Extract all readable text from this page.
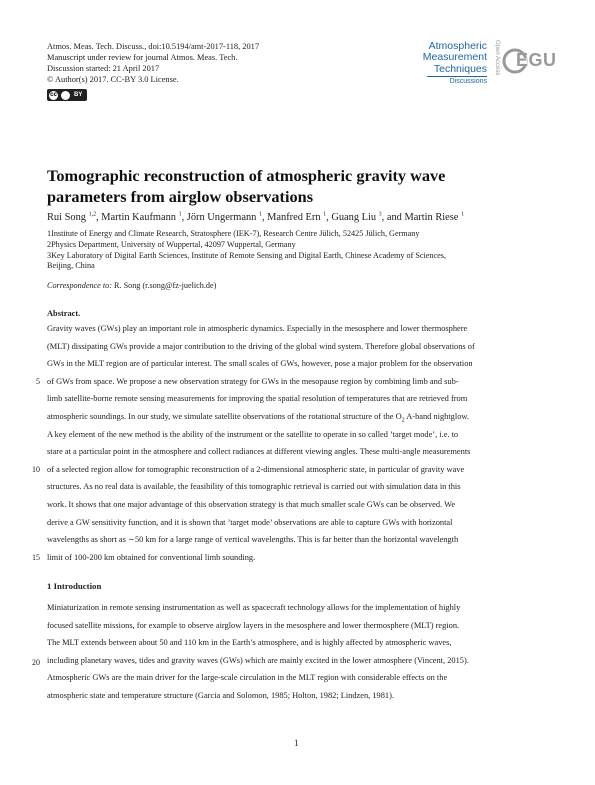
Atmos. Meas. Tech. Discuss., doi:10.5194/amt-2017-118, 2017
Manuscript under review for journal Atmos. Meas. Tech.
Discussion started: 21 April 2017
© Author(s) 2017. CC-BY 3.0 License.
cc	BY
Atmospheric
Measurement
Techniques
Discussions
Open Access EGU
Tomographic reconstruction of atmospheric gravity wave
parameters from airglow observations
Rui Song $^{1,2}$, Martin Kaufmann $^1$, Jörn Ungermann $^1$, Manfred Ern $^1$, Guang Liu $^3$, and Martin Riese $^1$
1Institute of Energy and Climate Research, Stratosphere (IEK-7), Research Centre Jülich, 52425 Jülich, Germany
2Physics Department, University of Wuppertal, 42097 Wuppertal, Germany
3Key Laboratory of Digital Earth Sciences, Institute of Remote Sensing and Digital Earth, Chinese Academy of Sciences,
Beijing, China
Correspondence to: R. Song (r.song@fz-juelich.de)
Abstract.
Gravity waves (GWs) play an important role in atmospheric dynamics. Especially in the mesosphere and lower thermosphere
(MLT) dissipating GWs provide a major contribution to the driving of the global wind system. Therefore global observations of
GWs in the MLT region are of particular interest. The small scales of GWs, however, pose a major problem for the observation
of GWs from space. We propose a new observation strategy for GWs in the mesopause region by combining limb and sub-
limb satellite-borne remote sensing measurements for improving the spatial resolution of temperatures that are retrieved from
atmospheric soundings. In our study, we simulate satellite observations of the rotational structure of the $O_2$ A-band nightglow.
A key element of the new method is the ability of the instrument or the satellite to operate in so called ’target mode’, i.e. to
stare at a particular point in the atmosphere and collect radiances at different viewing angles. These multi-angle measurements
of a selected region allow for tomographic reconstruction of a 2-dimensional atmospheric state, in particular of gravity wave
structures. As no real data is available, the feasibility of this tomographic retrieval is carried out with simulation data in this
work. It shows that one major advantage of this observation strategy is that much smaller scale GWs can be observed. We
derive a GW sensitivity function, and it is shown that ’target mode’ observations are able to capture GWs with horizontal
wavelengths as short as ∼50 km for a large range of vertical wavelengths. This is far better than the horizontal wavelength
limit of 100-200 km obtained for conventional limb sounding.
5
10
15
1 Introduction
Miniaturization in remote sensing instrumentation as well as spacecraft technology allows for the implementation of highly
focused satellite missions, for example to observe airglow layers in the mesosphere and lower thermosphere (MLT) region.
The MLT extends between about 50 and 110 km in the Earth’s atmosphere, and is highly affected by atmospheric waves,
including planetary waves, tides and gravity waves (GWs) which are mainly excited in the lower atmosphere (Vincent, 2015).
Atmospheric GWs are the main driver for the large-scale circulation in the MLT region with considerable effects on the
atmospheric state and temperature structure (Garcia and Solomon, 1985; Holton, 1982; Lindzen, 1981).
20
1
